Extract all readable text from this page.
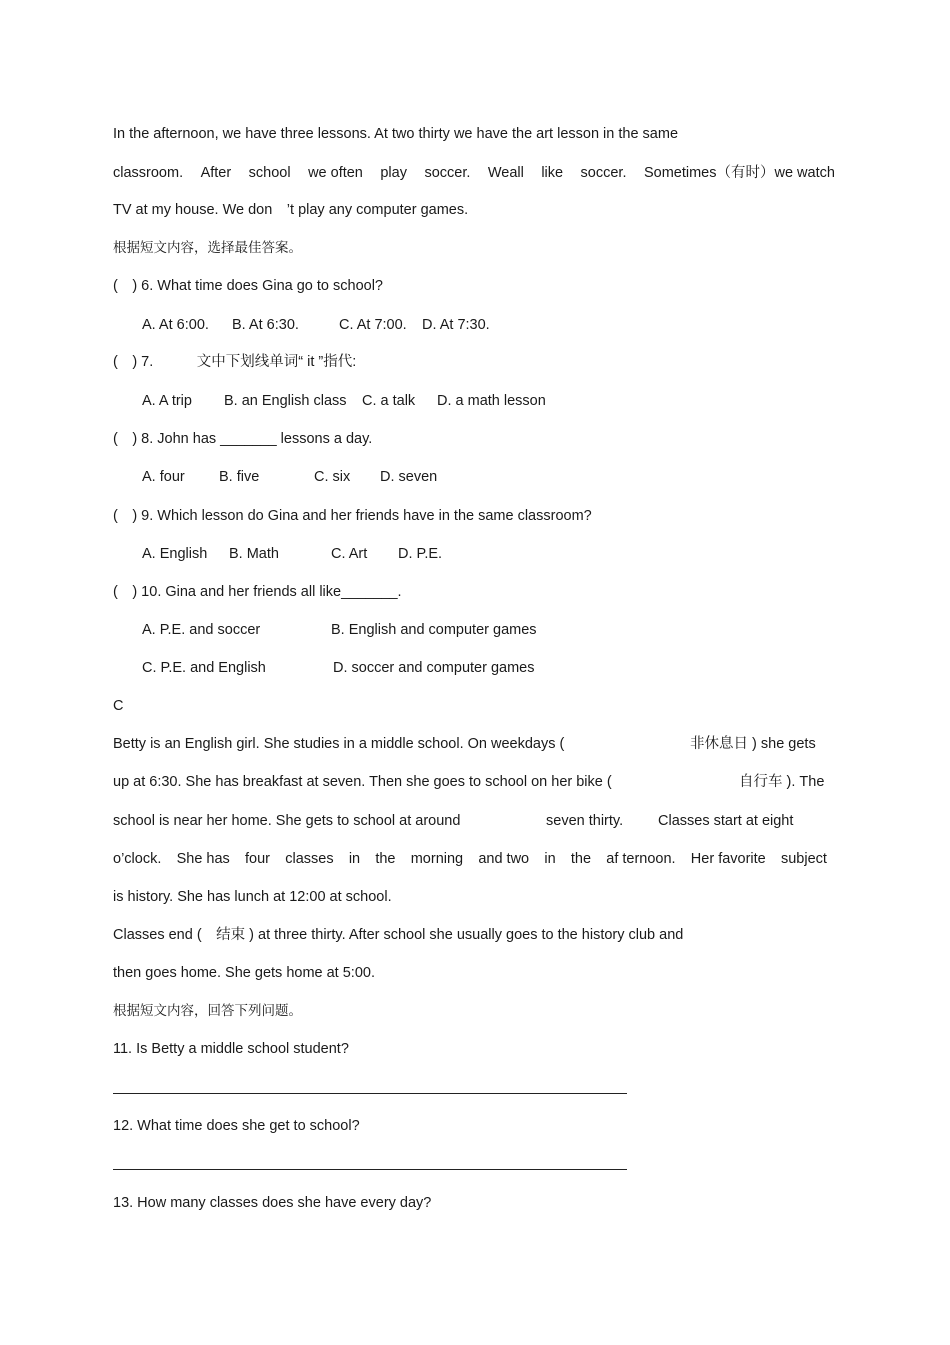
In the afternoon, we have three lessons. At two thirty we have the art lesson in the same
classroom. After school we often play soccer. Weall like soccer. Sometimes（有时）we watch
TV at my house. We don　’t play any computer games.
根据短文内容，选择最佳答案。
(　) 6. What time does Gina go to school?
A. At 6:00. B. At 6:30.	C. At 7:00. D. At 7:30.
(　) 7.　　　文中下划线单词“ it ”指代:
A. A trip B. an English class C. a talk D. a math lesson
(　) 8. John has _______ lessons a day.
A. four B. five	C. six D. seven
(　) 9. Which lesson do Gina and her friends have in the same classroom?
A. English B. Math	C. Art D. P.E.
(　) 10. Gina and her friends all like_______.
A. P.E. and soccer	B. English and computer games
C. P.E. and English	D. soccer and computer games
C
Betty is an English girl. She studies in a middle school. On weekdays (	非休息日 ) she gets
up at 6:30. She has breakfast at seven. Then she goes to school on her bike (	自行车 ). The
school is near her home. She gets to school at around	seven thirty. Classes start at eight
o’clock. She has four classes in the morning and two in the af ternoon. Her favorite subject
is history. She has lunch at 12:00 at school.
Classes end (　结束 ) at three thirty. After school she usually goes to the history club and
then goes home. She gets home at 5:00.
根据短文内容，回答下列问题。
11. Is Betty a middle school student?
12. What time does she get to school?
13. How many classes does she have every day?
